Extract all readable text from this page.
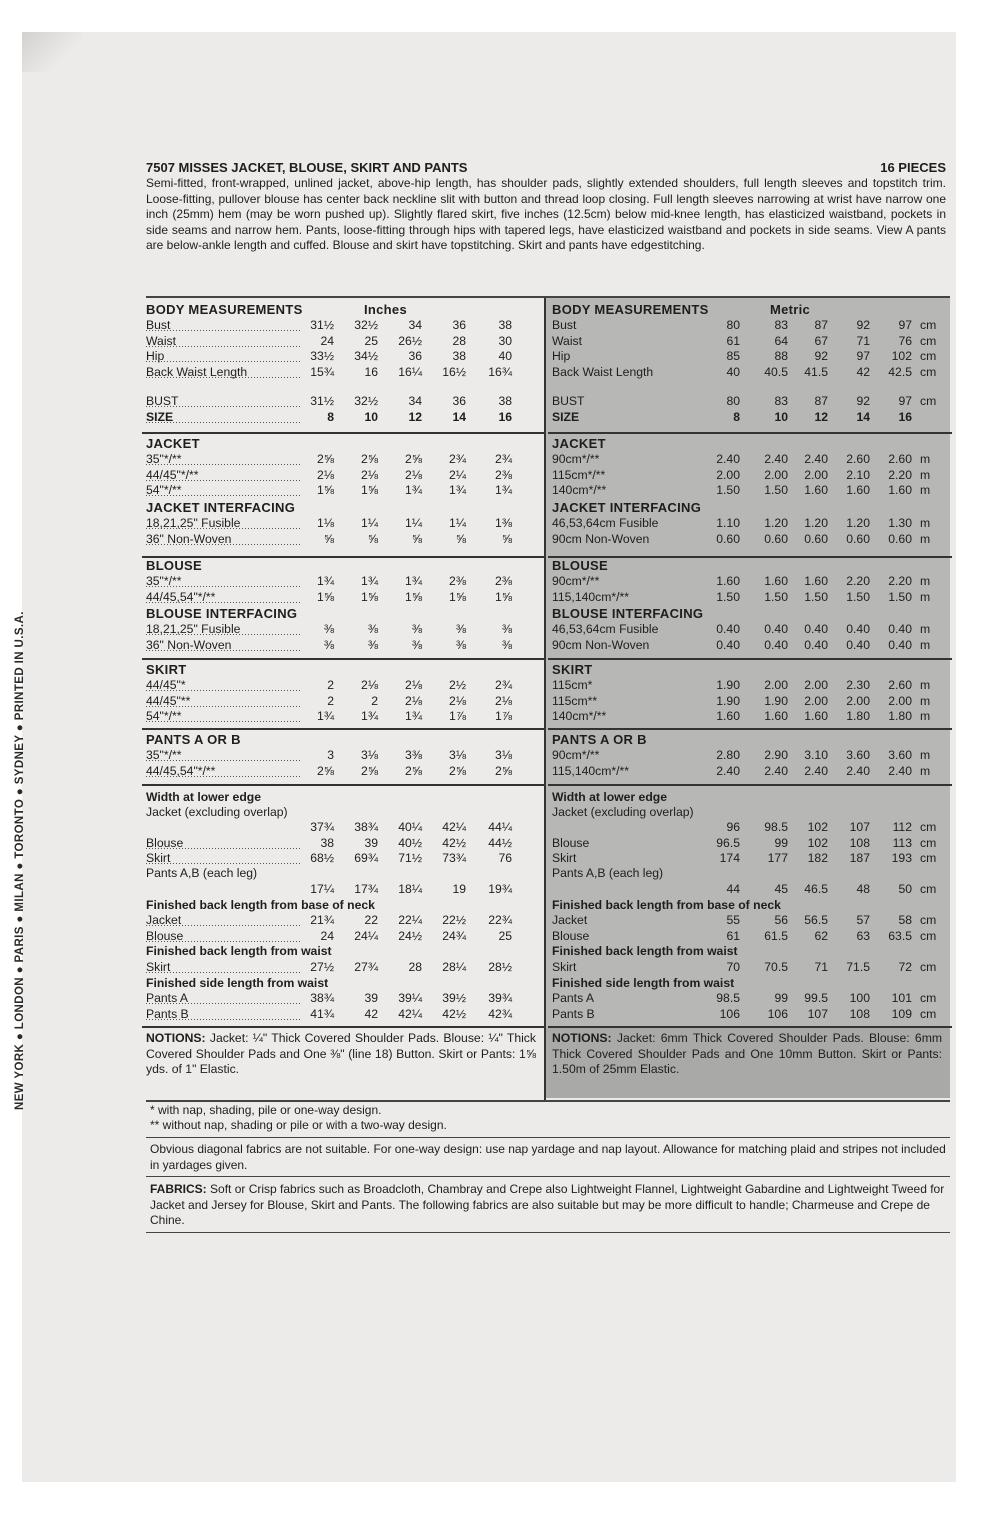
NEW YORK ● LONDON ● PARIS ● MILAN ● TORONTO ● SYDNEY ● PRINTED IN U.S.A.
7507 MISSES JACKET, BLOUSE, SKIRT AND PANTS	16 PIECES
Semi-fitted, front-wrapped, unlined jacket, above-hip length, has shoulder pads, slightly extended shoulders, full length sleeves and topstitch trim. Loose-fitting, pullover blouse has center back neckline slit with button and thread loop closing. Full length sleeves narrowing at wrist have narrow one inch (25mm) hem (may be worn pushed up). Slightly flared skirt, five inches (12.5cm) below mid-knee length, has elasticized waistband, pockets in side seams and narrow hem. Pants, loose-fitting through hips with tapered legs, have elasticized waistband and pockets in side seams. View A pants are below-ankle length and cuffed. Blouse and skirt have topstitching. Skirt and pants have edgestitching.
BODY MEASUREMENTS	Inches
Bust	31½	32½	34	36	38
Waist	24	25	26½	28	30
Hip	33½	34½	36	38	40
Back Waist Length	15¾	16	16¼	16½	16¾
BUST	31½	32½	34	36	38
SIZE	8	10	12	14	16
JACKET
35"*/**	2⅝	2⅝	2⅝	2¾	2¾
44/45"*/**	2⅛	2⅛	2⅛	2¼	2⅜
54"*/**	1⅝	1⅝	1¾	1¾	1¾
JACKET INTERFACING
18,21,25" Fusible	1⅛	1¼	1¼	1¼	1⅜
36" Non-Woven	⅝	⅝	⅝	⅝	⅝
BLOUSE
35"*/**	1¾	1¾	1¾	2⅜	2⅜
44/45,54"*/**	1⅝	1⅝	1⅝	1⅝	1⅝
BLOUSE INTERFACING
18,21,25" Fusible	⅜	⅜	⅜	⅜	⅜
36" Non-Woven	⅜	⅜	⅜	⅜	⅜
SKIRT
44/45"*	2	2⅛	2⅛	2½	2¾
44/45"**	2	2	2⅛	2⅛	2⅛
54"*/**	1¾	1¾	1¾	1⅞	1⅞
PANTS A OR B
35"*/**	3	3⅛	3⅜	3⅛	3⅛
44/45,54"*/**	2⅝	2⅝	2⅝	2⅝	2⅝
Width at lower edge
Jacket (excluding overlap)
37¾	38¾	40¼	42¼	44¼
Blouse	38	39	40½	42½	44½
Skirt	68½	69¾	71½	73¾	76
Pants A,B (each leg)
17¼	17¾	18¼	19	19¾
Finished back length from base of neck
Jacket	21¾	22	22¼	22½	22¾
Blouse	24	24¼	24½	24¾	25
Finished back length from waist
Skirt	27½	27¾	28	28¼	28½
Finished side length from waist
Pants A	38¾	39	39¼	39½	39¾
Pants B	41¾	42	42¼	42½	42¾
NOTIONS: Jacket: ¼" Thick Covered Shoulder Pads. Blouse: ¼" Thick Covered Shoulder Pads and One ⅜" (line 18) Button. Skirt or Pants: 1⅝ yds. of 1" Elastic.
BODY MEASUREMENTS	Metric
Bust	80	83	87	92	97 cm
Waist	61	64	67	71	76 cm
Hip	85	88	92	97	102 cm
Back Waist Length	40	40.5	41.5	42	42.5 cm
BUST	80	83	87	92	97 cm
SIZE	8	10	12	14	16
JACKET
90cm*/**	2.40	2.40	2.40	2.60	2.60 m
115cm*/**	2.00	2.00	2.00	2.10	2.20 m
140cm*/**	1.50	1.50	1.60	1.60	1.60 m
JACKET INTERFACING
46,53,64cm Fusible	1.10	1.20	1.20	1.20	1.30 m
90cm Non-Woven	0.60	0.60	0.60	0.60	0.60 m
BLOUSE
90cm*/**	1.60	1.60	1.60	2.20	2.20 m
115,140cm*/**	1.50	1.50	1.50	1.50	1.50 m
BLOUSE INTERFACING
46,53,64cm Fusible	0.40	0.40	0.40	0.40	0.40 m
90cm Non-Woven	0.40	0.40	0.40	0.40	0.40 m
SKIRT
115cm*	1.90	2.00	2.00	2.30	2.60 m
115cm**	1.90	1.90	2.00	2.00	2.00 m
140cm*/**	1.60	1.60	1.60	1.80	1.80 m
PANTS A OR B
90cm*/**	2.80	2.90	3.10	3.60	3.60 m
115,140cm*/**	2.40	2.40	2.40	2.40	2.40 m
Width at lower edge
Jacket (excluding overlap)
96	98.5	102	107	112 cm
Blouse	96.5	99	102	108	113 cm
Skirt	174	177	182	187	193 cm
Pants A,B (each leg)
44	45	46.5	48	50 cm
Finished back length from base of neck
Jacket	55	56	56.5	57	58 cm
Blouse	61	61.5	62	63	63.5 cm
Finished back length from waist
Skirt	70	70.5	71	71.5	72 cm
Finished side length from waist
Pants A	98.5	99	99.5	100	101 cm
Pants B	106	106	107	108	109 cm
NOTIONS: Jacket: 6mm Thick Covered Shoulder Pads. Blouse: 6mm Thick Covered Shoulder Pads and One 10mm Button. Skirt or Pants: 1.50m of 25mm Elastic.
* with nap, shading, pile or one-way design.
** without nap, shading or pile or with a two-way design.
Obvious diagonal fabrics are not suitable. For one-way design: use nap yardage and nap layout. Allowance for matching plaid and stripes not included in yardages given.
FABRICS: Soft or Crisp fabrics such as Broadcloth, Chambray and Crepe also Lightweight Flannel, Lightweight Gabardine and Lightweight Tweed for Jacket and Jersey for Blouse, Skirt and Pants. The following fabrics are also suitable but may be more difficult to handle; Charmeuse and Crepe de Chine.
